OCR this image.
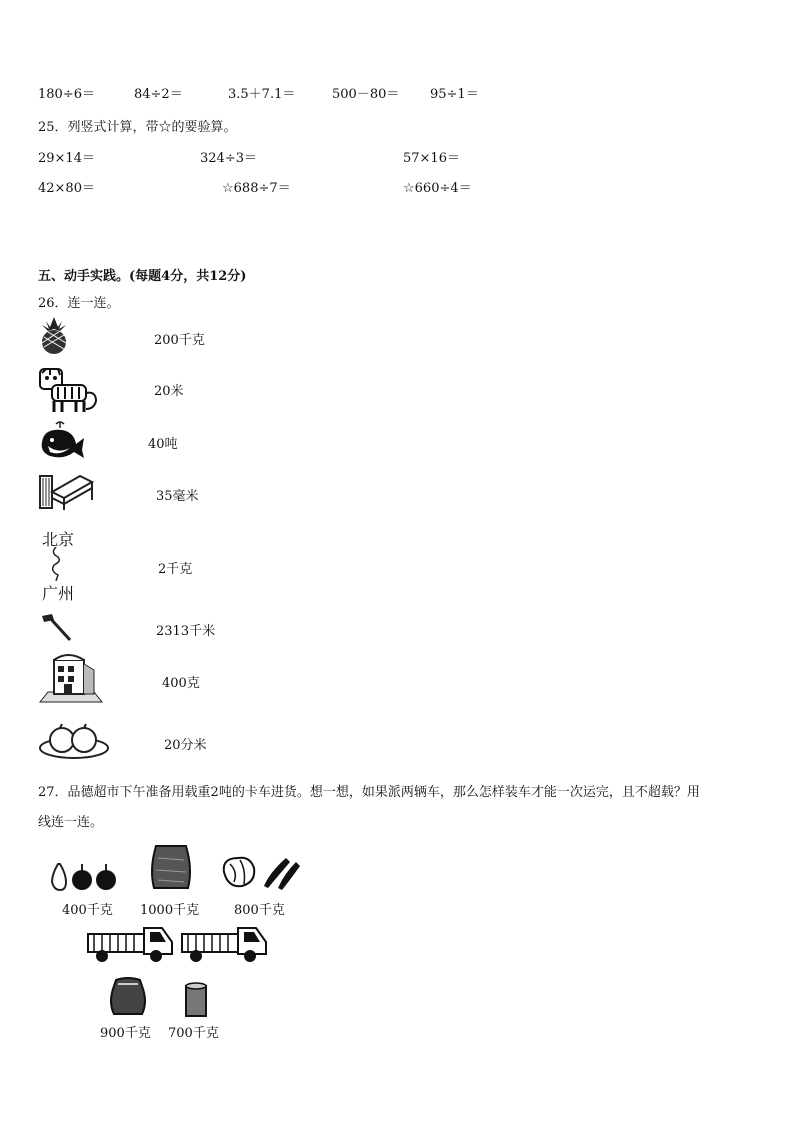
180÷6＝	84÷2＝	3.5＋7.1＝	500－80＝ 95÷1＝
25．列竖式计算，带☆的要验算。
29×14＝	324÷3＝	57×16＝
42×80＝	☆688÷7＝	☆660÷4＝
五、动手实践。(每题4分，共12分)
26．连一连。
200千克
20米
40吨
35毫米
北京
广州
2千克
2313千米
400克
20分米
27．品德超市下午准备用载重2吨的卡车进货。想一想，如果派两辆车，那么怎样装车才能一次运完，且不超载？用
线连一连。
400千克 1000千克	800千克
900千克 700千克
